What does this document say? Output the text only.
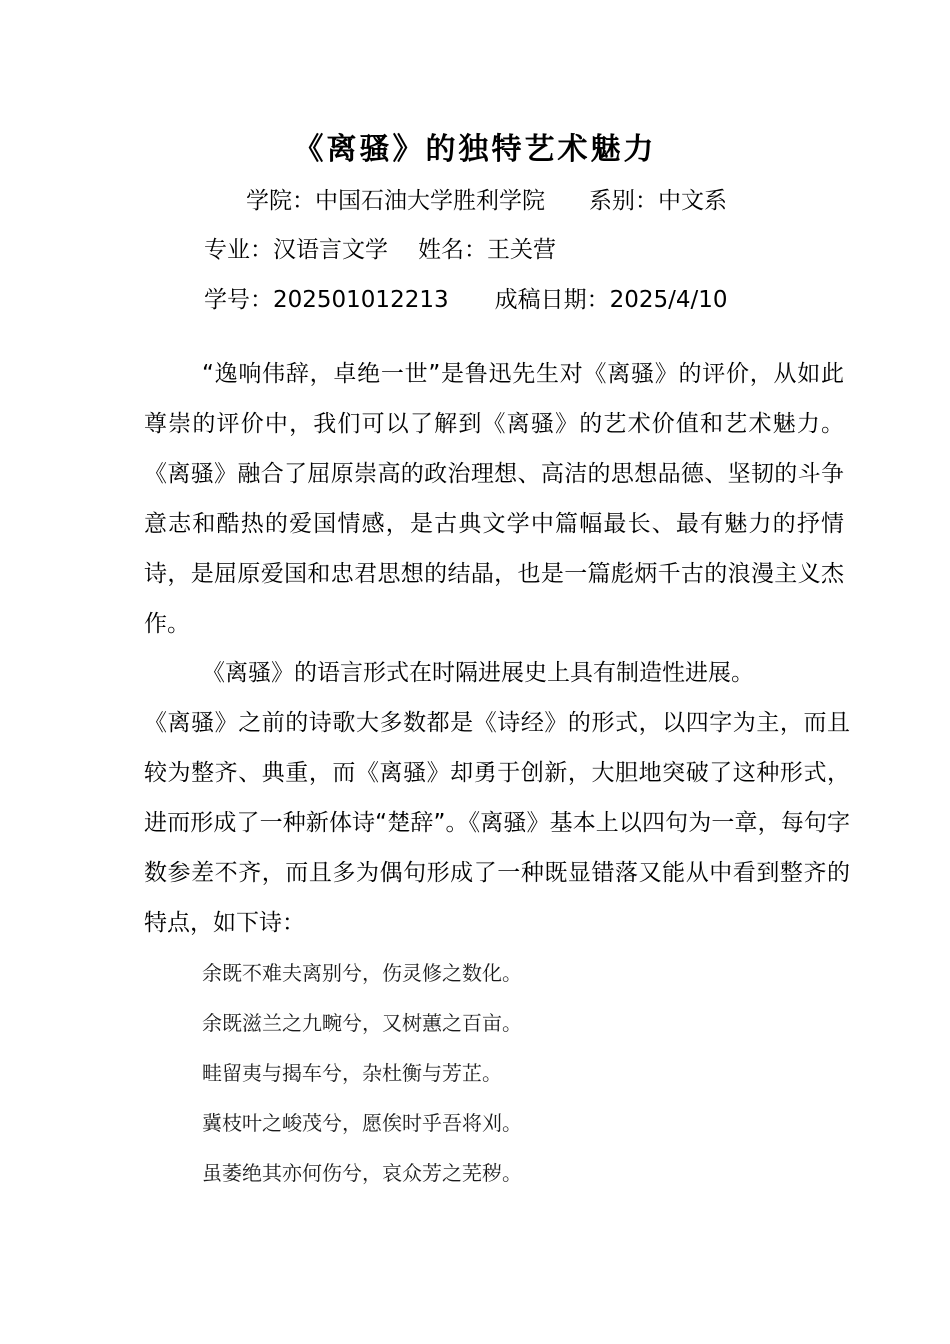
《离骚》的独特艺术魅力
学院：中国石油大学胜利学院 系别：中文系
专业：汉语言文学 姓名：王关营
学号：202501012213 成稿日期：2025/4/10

“逸响伟辞，卓绝一世”是鲁迅先生对《离骚》的评价，从如此尊崇的评价中，我们可以了解到《离骚》的艺术价值和艺术魅力。《离骚》融合了屈原崇高的政治理想、高洁的思想品德、坚韧的斗争意志和酷热的爱国情感，是古典文学中篇幅最长、最有魅力的抒情诗，是屈原爱国和忠君思想的结晶，也是一篇彪炳千古的浪漫主义杰作。

《离骚》的语言形式在时隔进展史上具有制造性进展。

《离骚》之前的诗歌大多数都是《诗经》的形式，以四字为主，而且较为整齐、典重，而《离骚》却勇于创新，大胆地突破了这种形式，进而形成了一种新体诗“楚辞”。《离骚》基本上以四句为一章，每句字数参差不齐，而且多为偶句形成了一种既显错落又能从中看到整齐的特点，如下诗：

余既不难夫离别兮，伤灵修之数化。
余既滋兰之九畹兮，又树蕙之百亩。
畦留夷与揭车兮，杂杜衡与芳芷。
冀枝叶之峻茂兮，愿俟时乎吾将刈。
虽萎绝其亦何伤兮，哀众芳之芜秽。
